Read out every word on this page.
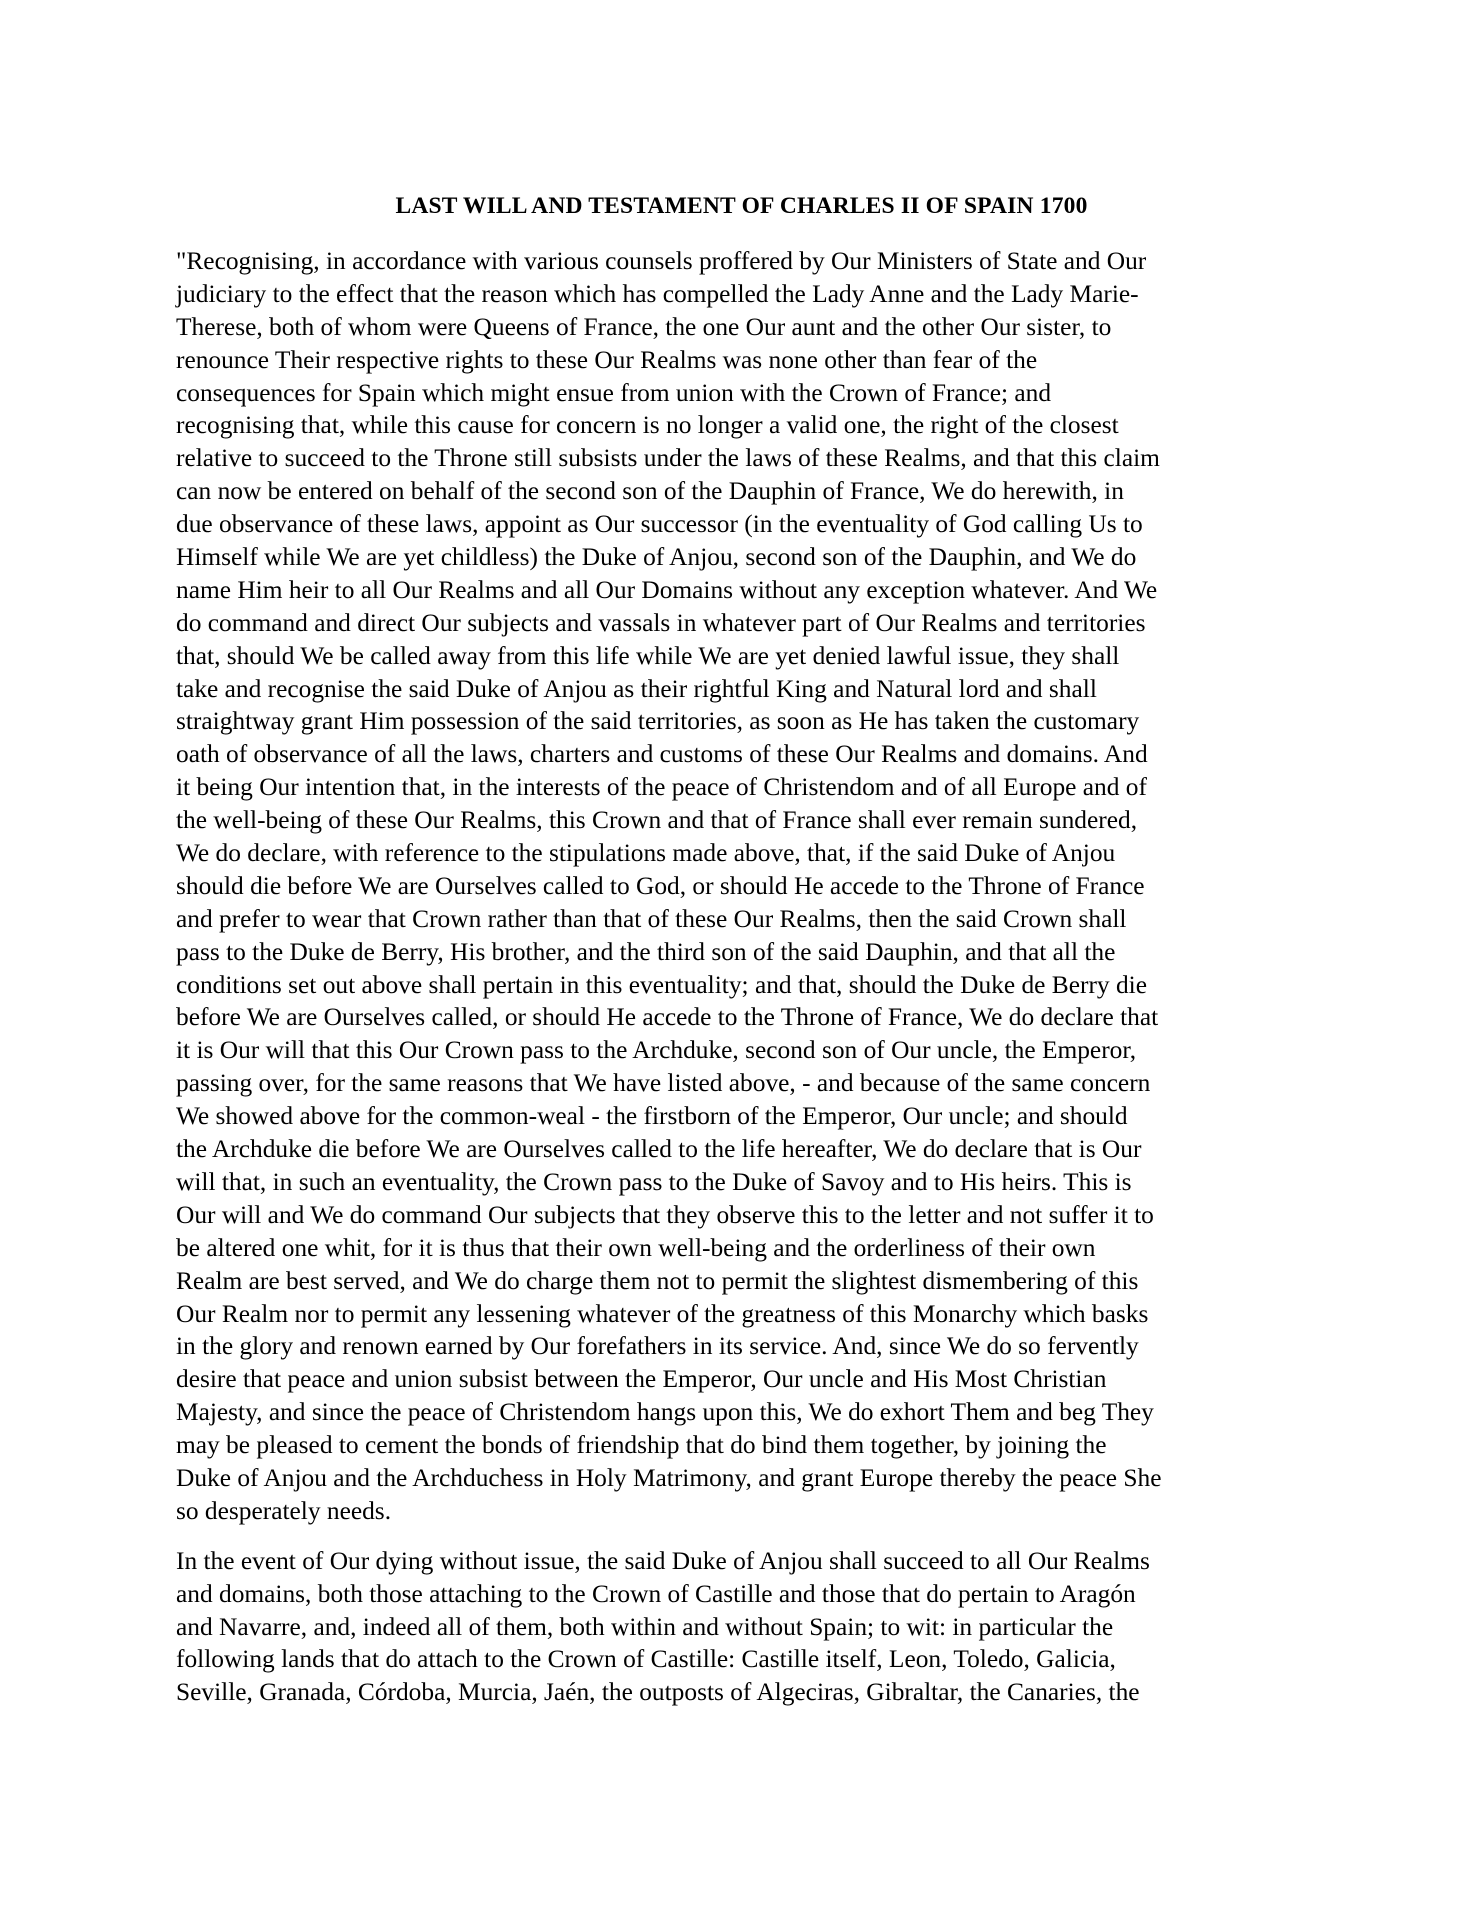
LAST WILL AND TESTAMENT OF CHARLES II OF SPAIN 1700

"Recognising, in accordance with various counsels proffered by Our Ministers of State and Our
judiciary to the effect that the reason which has compelled the Lady Anne and the Lady Marie-
Therese, both of whom were Queens of France, the one Our aunt and the other Our sister, to
renounce Their respective rights to these Our Realms was none other than fear of the
consequences for Spain which might ensue from union with the Crown of France; and
recognising that, while this cause for concern is no longer a valid one, the right of the closest
relative to succeed to the Throne still subsists under the laws of these Realms, and that this claim
can now be entered on behalf of the second son of the Dauphin of France, We do herewith, in
due observance of these laws, appoint as Our successor (in the eventuality of God calling Us to
Himself while We are yet childless) the Duke of Anjou, second son of the Dauphin, and We do
name Him heir to all Our Realms and all Our Domains without any exception whatever. And We
do command and direct Our subjects and vassals in whatever part of Our Realms and territories
that, should We be called away from this life while We are yet denied lawful issue, they shall
take and recognise the said Duke of Anjou as their rightful King and Natural lord and shall
straightway grant Him possession of the said territories, as soon as He has taken the customary
oath of observance of all the laws, charters and customs of these Our Realms and domains. And
it being Our intention that, in the interests of the peace of Christendom and of all Europe and of
the well-being of these Our Realms, this Crown and that of France shall ever remain sundered,
We do declare, with reference to the stipulations made above, that, if the said Duke of Anjou
should die before We are Ourselves called to God, or should He accede to the Throne of France
and prefer to wear that Crown rather than that of these Our Realms, then the said Crown shall
pass to the Duke de Berry, His brother, and the third son of the said Dauphin, and that all the
conditions set out above shall pertain in this eventuality; and that, should the Duke de Berry die
before We are Ourselves called, or should He accede to the Throne of France, We do declare that
it is Our will that this Our Crown pass to the Archduke, second son of Our uncle, the Emperor,
passing over, for the same reasons that We have listed above, - and because of the same concern
We showed above for the common-weal - the firstborn of the Emperor, Our uncle; and should
the Archduke die before We are Ourselves called to the life hereafter, We do declare that is Our
will that, in such an eventuality, the Crown pass to the Duke of Savoy and to His heirs. This is
Our will and We do command Our subjects that they observe this to the letter and not suffer it to
be altered one whit, for it is thus that their own well-being and the orderliness of their own
Realm are best served, and We do charge them not to permit the slightest dismembering of this
Our Realm nor to permit any lessening whatever of the greatness of this Monarchy which basks
in the glory and renown earned by Our forefathers in its service. And, since We do so fervently
desire that peace and union subsist between the Emperor, Our uncle and His Most Christian
Majesty, and since the peace of Christendom hangs upon this, We do exhort Them and beg They
may be pleased to cement the bonds of friendship that do bind them together, by joining the
Duke of Anjou and the Archduchess in Holy Matrimony, and grant Europe thereby the peace She
so desperately needs.

In the event of Our dying without issue, the said Duke of Anjou shall succeed to all Our Realms
and domains, both those attaching to the Crown of Castille and those that do pertain to Aragón
and Navarre, and, indeed all of them, both within and without Spain; to wit: in particular the
following lands that do attach to the Crown of Castille: Castille itself, Leon, Toledo, Galicia,
Seville, Granada, Córdoba, Murcia, Jaén, the outposts of Algeciras, Gibraltar, the Canaries, the
